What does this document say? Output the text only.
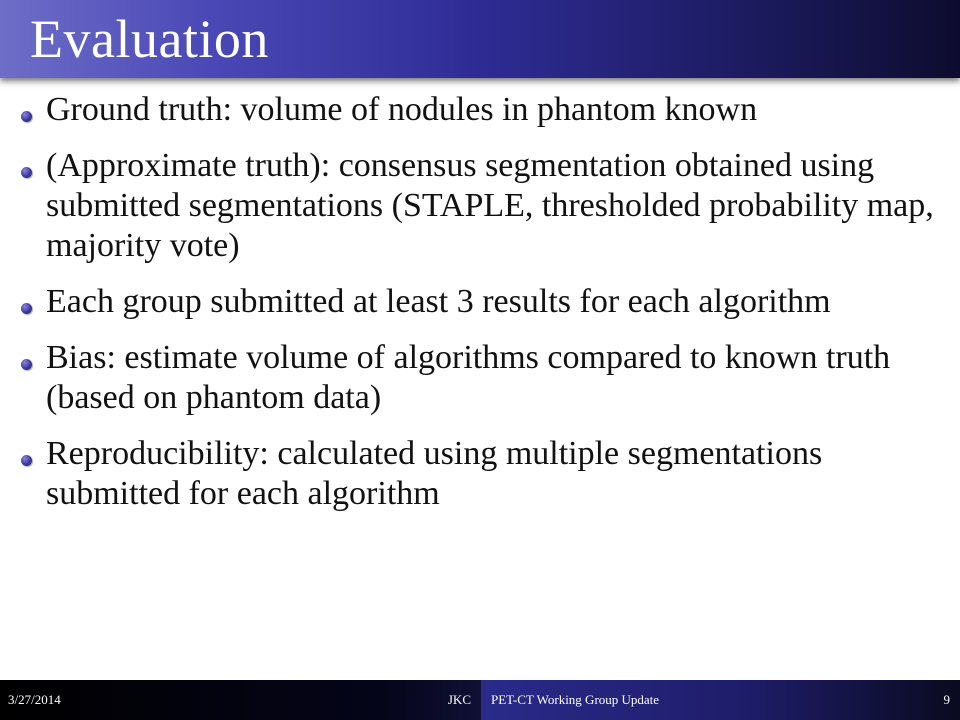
Evaluation
Ground truth: volume of nodules in phantom known
(Approximate truth): consensus segmentation obtained using submitted segmentations (STAPLE, thresholded probability map, majority vote)
Each group submitted at least 3 results for each algorithm
Bias: estimate volume of algorithms compared to known truth (based on phantom data)
Reproducibility: calculated using multiple segmentations submitted for each algorithm
3/27/2014	JKC PET-CT Working Group Update	9
